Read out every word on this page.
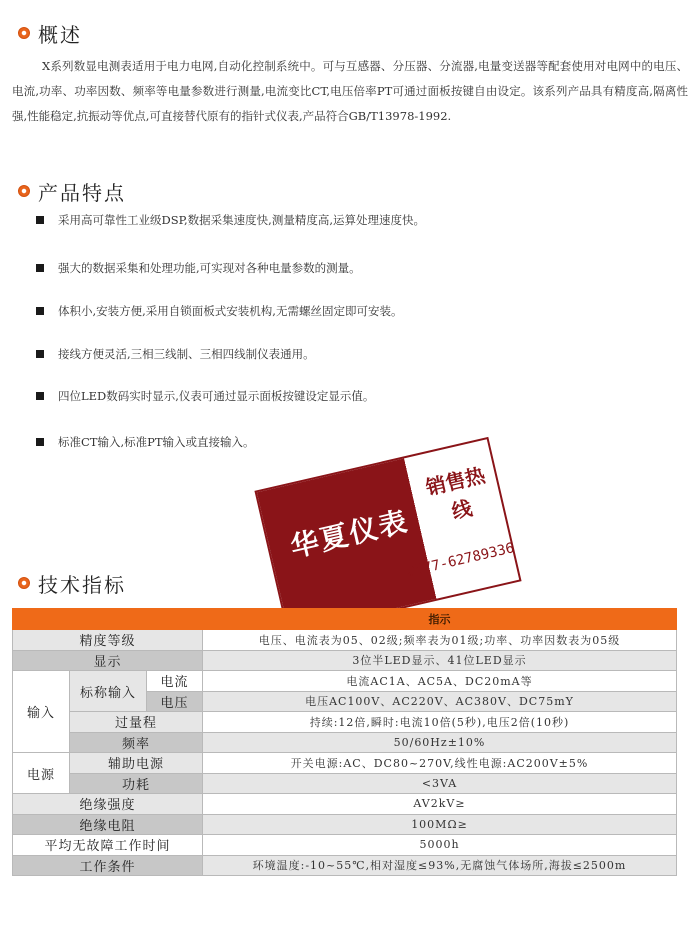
概述
X系列数显电测表适用于电力电网,自动化控制系统中。可与互感器、分压器、分流器,电量变送器等配套使用对电网中的电压、电流,功率、功率因数、频率等电量参数进行测量,电流变比CT,电压倍率PT可通过面板按键自由设定。该系列产品具有精度高,隔离性强,性能稳定,抗振动等优点,可直接替代原有的指针式仪表,产品符合GB/T13978-1992.
产品特点
采用高可靠性工业级DSP,数据采集速度快,测量精度高,运算处理速度快。
强大的数据采集和处理功能,可实现对各种电量参数的测量。
体积小,安装方便,采用自锁面板式安装机构,无需螺丝固定即可安装。
接线方便灵活,三相三线制、三相四线制仪表通用。
四位LED数码实时显示,仪表可通过显示面板按键设定显示值。
标准CT输入,标准PT输入或直接输入。
华夏仪表
销售热线
0577-62789336
技术指标
			指示
精度等级			电压、电流表为05、02级;频率表为01级;功率、功率因数表为05级
显示			3位半LED显示、41位LED显示
输入	标称输入	电流	电流AC1A、AC5A、DC20mA等
		电压	电压AC100V、AC220V、AC380V、DC75mY
	过量程		持续:12倍,瞬时:电流10倍(5秒),电压2倍(10秒)
	频率		50/60Hz±10%
电源	辅助电源		开关电源:AC、DC80~270V,线性电源:AC200V±5%
	功耗		<3VA
绝缘强度			AV2kV≥
绝缘电阻			100MΩ≥
平均无故障工作时间			5000h
工作条件			环境温度:-10~55℃,相对湿度≤93%,无腐蚀气体场所,海拔≤2500m
